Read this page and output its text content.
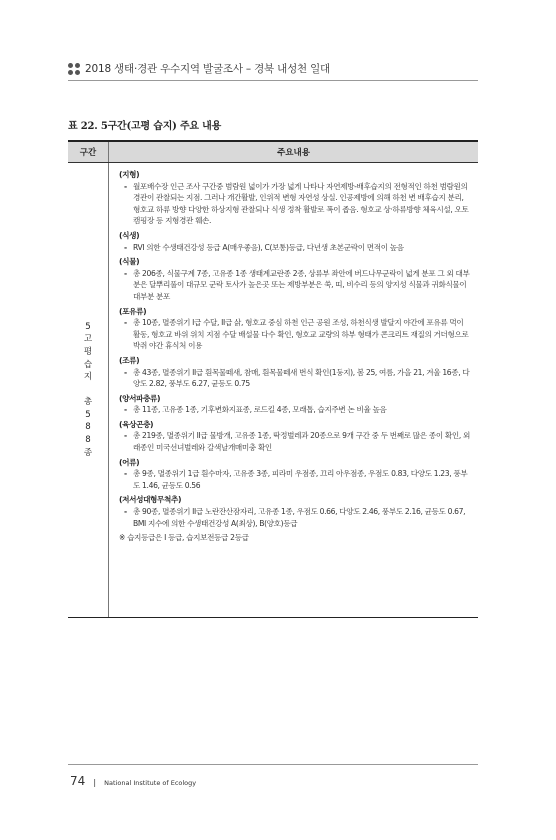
2018 생태·경관 우수지역 발굴조사 – 경북 내성천 일대
표 22. 5구간(고평 습지) 주요 내용
구간	주요내용
5
고
평
습
지

총
5
8
8
종
(지형)
- 월포배수장 인근 조사 구간중 범람원 넓이가 가장 넓게 나타나 자연제방-배후습지의 전형적인 하천 범람원의 경관이 관찰되는 지점. 그러나 개간활발, 인위적 변형 자연성 상실. 인공제방에 의해 하천 변 배후습지 분리, 형호교 하류 방향 다양한 하상지형 관찰되나 식생 정착 활발로 폭이 좁음. 형호교 상·하류방향 체육시설, 오토캠핑장 등 지형경관 훼손.
(식생)
- RVI 의한 수생태건강성 등급 A(매우좋음), C(보통)등급, 다년생 초본군락이 면적이 높음
(식물)
- 총 206종, 식물구계 7종, 고유종 1종 생태계교란종 2종, 상류부 좌안에 버드나무군락이 넓게 분포 그 외 대부분은 달뿌리풀이 대규모 군락 토사가 높은곳 또는 제방부분은 쑥, 띠, 비수리 등의 양지성 식물과 귀화식물이 대부분 분포
(포유류)
- 총 10종, 멸종위기 I급 수달, II급 삵, 형호교 중심 하천 인근 공원 조성, 하천식생 발달지 야간에 포유류 먹이활동, 형호교 바위 위치 지점 수달 배설물 다수 확인, 형호교 교량의 하부 형태가 콘크리트 재질의 거더형으로 박쥐 야간 휴식처 이용
(조류)
- 총 43종, 멸종위기 II급 흰목물떼새, 참매, 흰목물떼새 번식 확인(1둥지), 봄 25, 여름, 가을 21, 겨울 16종, 다양도 2.82, 풍부도 6.27, 균등도 0.75
(양서파충류)
- 총 11종, 고유종 1종, 기후변화지표종, 로드킬 4종, 모래톱, 습지주변 논 비율 높음
(육상곤충)
- 총 219종, 멸종위기 II급 물방개, 고유종 1종, 딱정벌레과 20종으로 9개 구간 중 두 번째로 많은 종이 확인, 외래종인 미국선녀벌레와 갈색날개매미충 확인
(어류)
- 총 9종, 멸종위기 1급 흰수마자, 고유종 3종, 피라미 우점종, 끄리 아우점종, 우점도 0.83, 다양도 1.23, 풍부도 1.46, 균등도 0.56
(저서성대형무척추)
- 총 90종, 멸종위기 II급 노란잔산잠자리, 고유종 1종, 우점도 0.66, 다양도 2.46, 풍부도 2.16, 균등도 0.67, BMI 지수에 의한 수생태건강성 A(최상), B(양호)등급
※ 습지등급은 I 등급, 습지보전등급 2등급
74 | National Institute of Ecology
